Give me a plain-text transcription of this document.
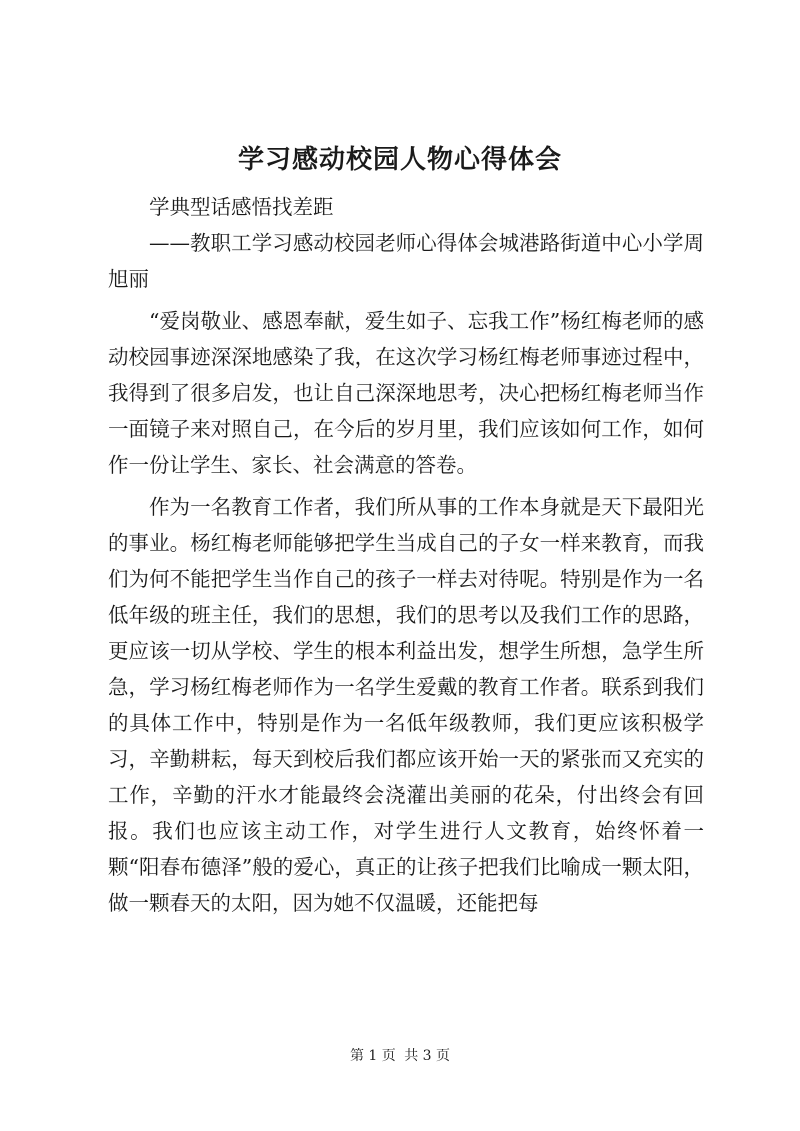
学习感动校园人物心得体会

学典型话感悟找差距

——教职工学习感动校园老师心得体会城港路街道中心小学周旭丽

“爱岗敬业、感恩奉献，爱生如子、忘我工作”杨红梅老师的感动校园事迹深深地感染了我，在这次学习杨红梅老师事迹过程中，我得到了很多启发，也让自己深深地思考，决心把杨红梅老师当作一面镜子来对照自己，在今后的岁月里，我们应该如何工作，如何作一份让学生、家长、社会满意的答卷。

作为一名教育工作者，我们所从事的工作本身就是天下最阳光的事业。杨红梅老师能够把学生当成自己的子女一样来教育，而我们为何不能把学生当作自己的孩子一样去对待呢。特别是作为一名低年级的班主任，我们的思想，我们的思考以及我们工作的思路，更应该一切从学校、学生的根本利益出发，想学生所想，急学生所急，学习杨红梅老师作为一名学生爱戴的教育工作者。联系到我们的具体工作中，特别是作为一名低年级教师，我们更应该积极学习，辛勤耕耘，每天到校后我们都应该开始一天的紧张而又充实的工作，辛勤的汗水才能最终会浇灌出美丽的花朵，付出终会有回报。我们也应该主动工作，对学生进行人文教育，始终怀着一颗“阳春布德泽”般的爱心，真正的让孩子把我们比喻成一颗太阳，做一颗春天的太阳，因为她不仅温暖，还能把每

第 1 页 共 3 页
